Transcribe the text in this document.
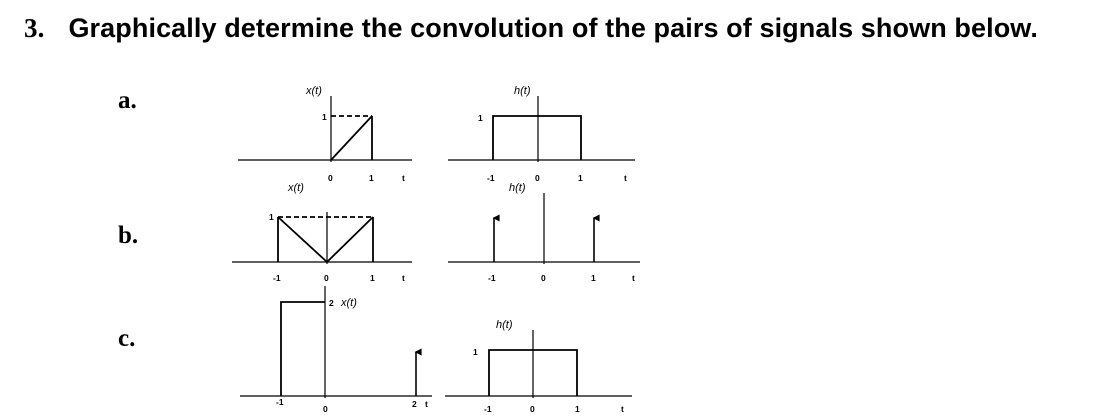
3. Graphically determine the convolution of the pairs of signals shown below.
a.
b.
c.
x(t)
1
0	1	t
h(t)
1
-1	0	1	t
x(t)
1
-1	0	1	t
h(t)
-1	0	1	t
2 x(t)
-1
0	2 t
h(t)
1
-1	0	1	t
